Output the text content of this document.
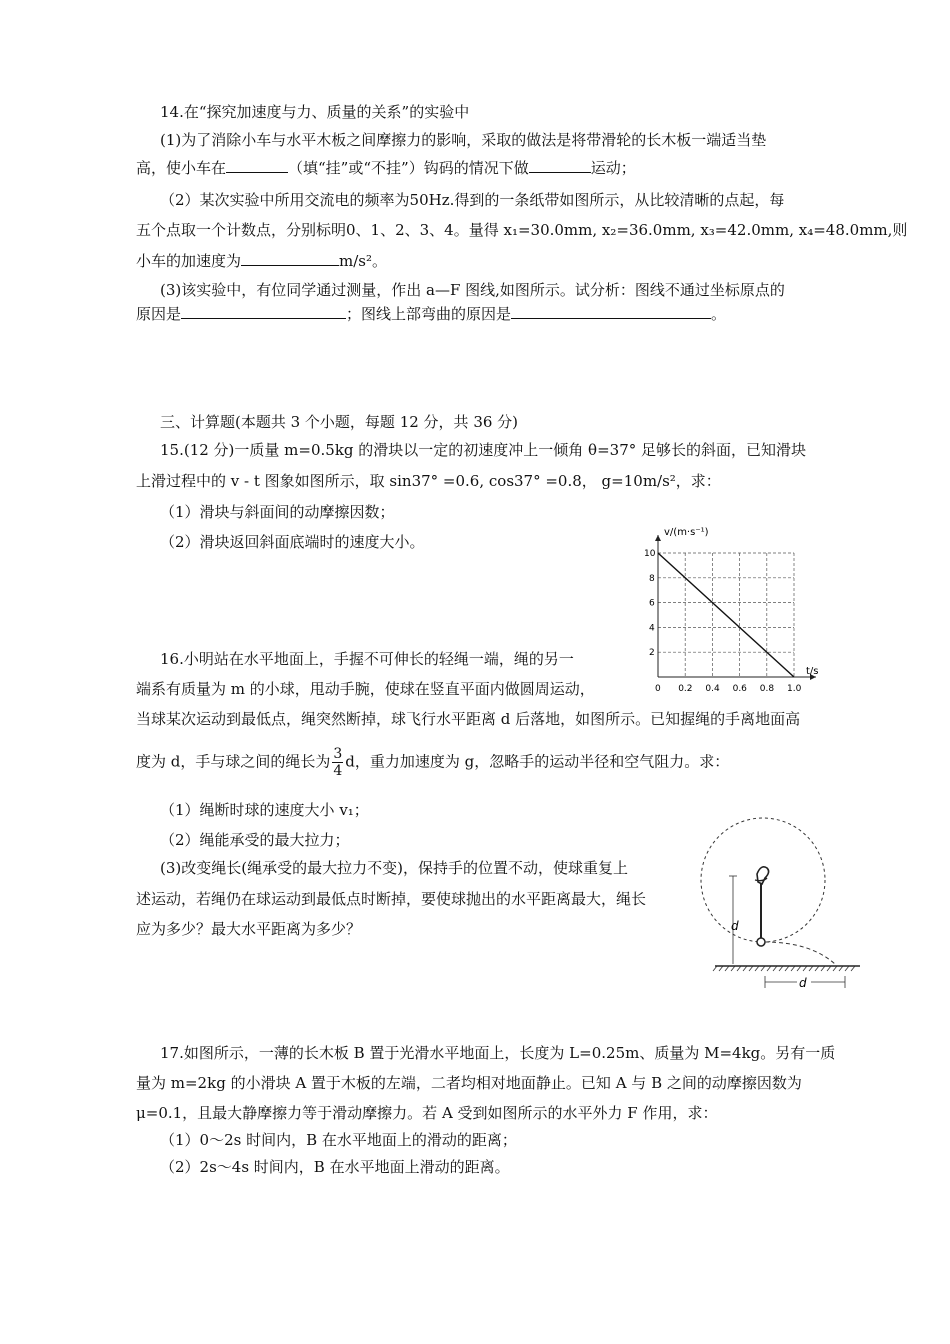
14.在“探究加速度与力、质量的关系”的实验中
(1)为了消除小车与水平木板之间摩擦力的影响，采取的做法是将带滑轮的长木板一端适当垫
高，使小车在	（填“挂”或“不挂”）钩码的情况下做	运动；
（2）某次实验中所用交流电的频率为50Hz.得到的一条纸带如图所示，从比较清晰的点起，每
五个点取一个计数点，分别标明0、1、2、3、4。量得 x₁=30.0mm, x₂=36.0mm, x₃=42.0mm, x₄=48.0mm,则
小车的加速度为	m/s²。
(3)该实验中，有位同学通过测量，作出 a—F 图线,如图所示。试分析：图线不通过坐标原点的
原因是	；图线上部弯曲的原因是	。
三、计算题(本题共 3 个小题，每题 12 分，共 36 分)
15.(12 分)一质量 m=0.5kg 的滑块以一定的初速度冲上一倾角 θ=37° 足够长的斜面，已知滑块
上滑过程中的 v - t 图象如图所示，取 sin37° =0.6, cos37° =0.8， g=10m/s²，求：
（1）滑块与斜面间的动摩擦因数；
（2）滑块返回斜面底端时的速度大小。
0 0.2 0.4 0.6 0.8 1.0
2
4
6
8
10
v/(m·s⁻¹)
t/s
16.小明站在水平地面上，手握不可伸长的轻绳一端，绳的另一
端系有质量为 m 的小球，甩动手腕，使球在竖直平面内做圆周运动，
当球某次运动到最低点，绳突然断掉，球飞行水平距离 d 后落地，如图所示。已知握绳的手离地面高
度为 d，手与球之间的绳长为 $\frac{3}{4}$ d，重力加速度为 g，忽略手的运动半径和空气阻力。求：
（1）绳断时球的速度大小 v₁；
（2）绳能承受的最大拉力；
(3)改变绳长(绳承受的最大拉力不变)，保持手的位置不动，使球重复上
述运动，若绳仍在球运动到最低点时断掉，要使球抛出的水平距离最大，绳长
应为多少？最大水平距离为多少？	d
d
17.如图所示，一薄的长木板 B 置于光滑水平地面上，长度为 L=0.25m、质量为 M=4kg。另有一质
量为 m=2kg 的小滑块 A 置于木板的左端，二者均相对地面静止。已知 A 与 B 之间的动摩擦因数为
μ=0.1，且最大静摩擦力等于滑动摩擦力。若 A 受到如图所示的水平外力 F 作用，求：
（1）0～2s 时间内，B 在水平地面上的滑动的距离；
（2）2s～4s 时间内，B 在水平地面上滑动的距离。
